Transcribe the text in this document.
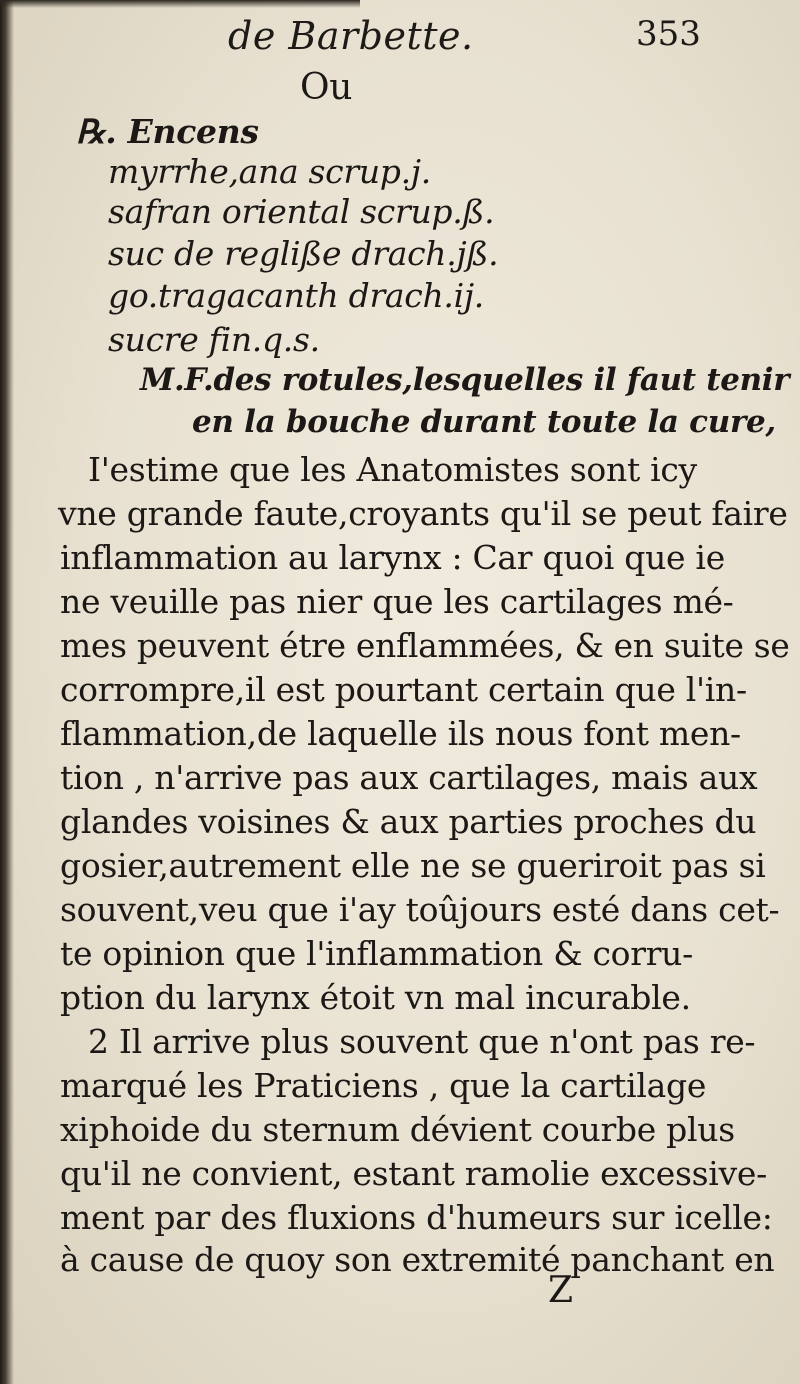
de Barbette.	353
Ou
℞. Encens
myrrhe,ana scrup.j.
safran oriental scrup.ß.
suc de regliße drach.jß.
go.tragacanth drach.ij.
sucre fin.q.s.
M.F.des rotules,lesquelles il faut tenir
en la bouche durant toute la cure,
I'estime que les Anatomistes sont icy
vne grande faute,croyants qu'il se peut faire
inflammation au larynx : Car quoi que ie
ne veuille pas nier que les cartilages mé-
mes peuvent étre enflammées, & en suite se
corrompre,il est pourtant certain que l'in-
flammation,de laquelle ils nous font men-
tion , n'arrive pas aux cartilages, mais aux
glandes voisines & aux parties proches du
gosier,autrement elle ne se gueriroit pas si
souvent,veu que i'ay toûjours esté dans cet-
te opinion que l'inflammation & corru-
ption du larynx étoit vn mal incurable.
2 Il arrive plus souvent que n'ont pas re-
marqué les Praticiens , que la cartilage
xiphoide du sternum dévient courbe plus
qu'il ne convient, estant ramolie excessive-
ment par des fluxions d'humeurs sur icelle:
à cause de quoy son extremité panchant en
Z
